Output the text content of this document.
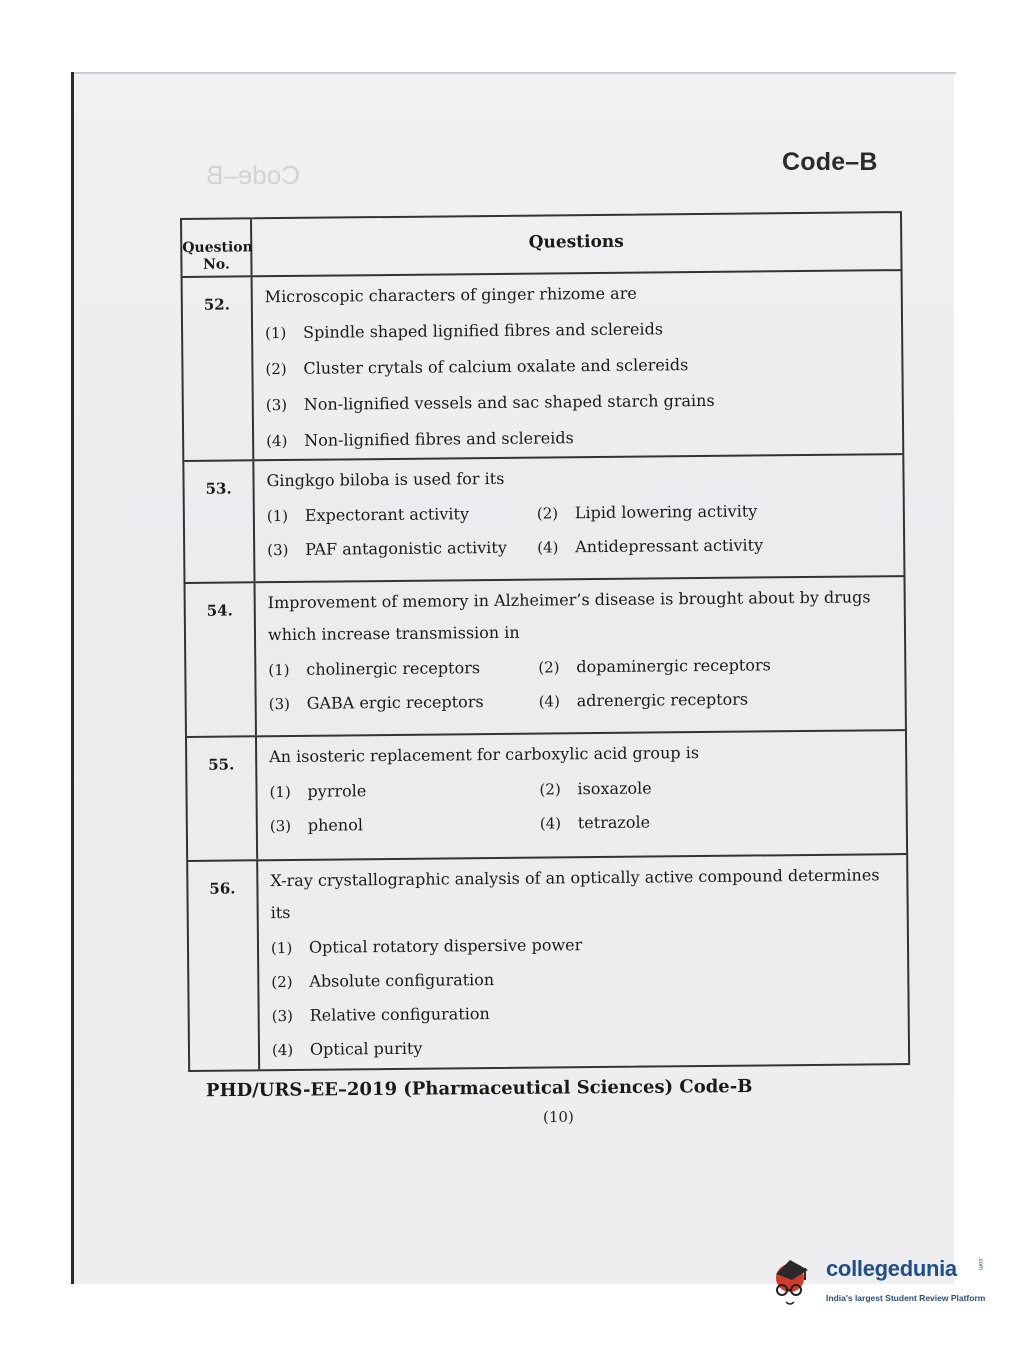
Code–B	Code–B
Question No.
Questions
52.	Microscopic characters of ginger rhizome are
(1) Spindle shaped lignified fibres and sclereids
(2) Cluster crytals of calcium oxalate and sclereids
(3) Non-lignified vessels and sac shaped starch grains
(4) Non-lignified fibres and sclereids
53.	Gingkgo biloba is used for its
(1) Expectorant activity	(2) Lipid lowering activity
(3) PAF antagonistic activity	(4) Antidepressant activity
54.	Improvement of memory in Alzheimer’s disease is brought about by drugs which increase transmission in
(1) cholinergic receptors	(2) dopaminergic receptors
(3) GABA ergic receptors	(4) adrenergic receptors
55.	An isosteric replacement for carboxylic acid group is
(1) pyrrole	(2) isoxazole
(3) phenol	(4) tetrazole
56.	X-ray crystallographic analysis of an optically active compound determines its
(1) Optical rotatory dispersive power
(2) Absolute configuration
(3) Relative configuration
(4) Optical purity
PHD/URS-EE–2019 (Pharmaceutical Sciences) Code-B
(10)
collegedunia	.com
India's largest Student Review Platform
